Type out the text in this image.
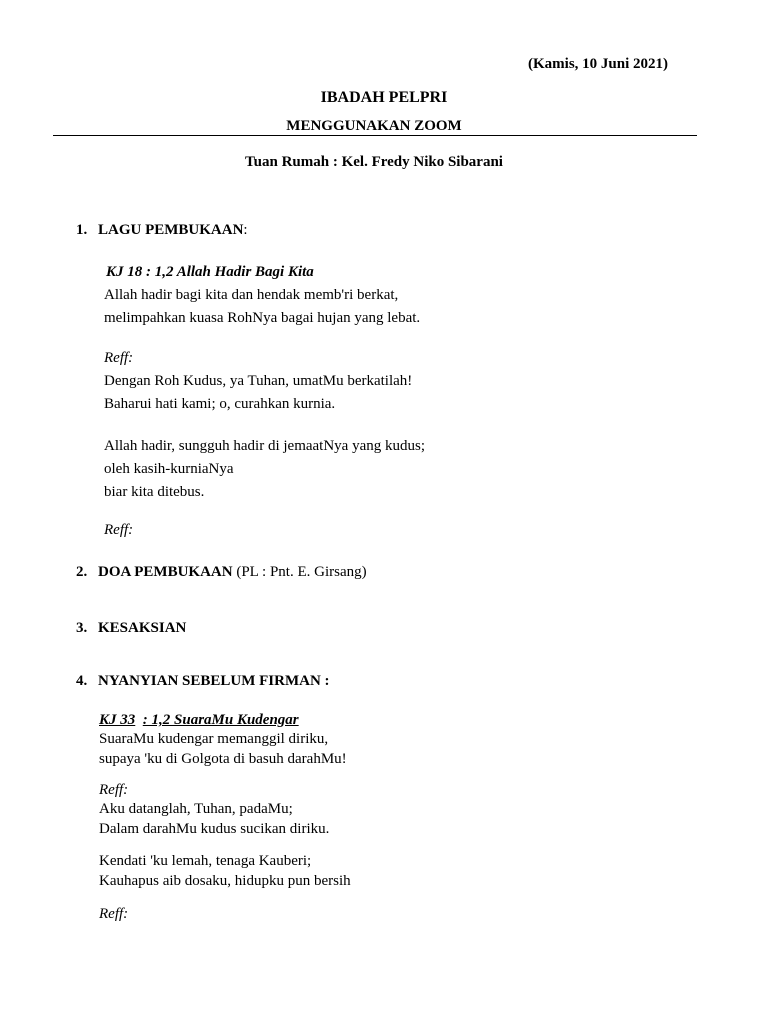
(Kamis, 10 Juni 2021)
IBADAH PELPRI
MENGGUNAKAN ZOOM
Tuan Rumah : Kel. Fredy Niko Sibarani
1. LAGU PEMBUKAAN:
KJ 18 : 1,2 Allah Hadir Bagi Kita
Allah hadir bagi kita dan hendak memb'ri berkat,
melimpahkan kuasa RohNya bagai hujan yang lebat.
Reff:
Dengan Roh Kudus, ya Tuhan, umatMu berkatilah!
Baharui hati kami; o, curahkan kurnia.
Allah hadir, sungguh hadir di jemaatNya yang kudus;
oleh kasih-kurniaNya
biar kita ditebus.
Reff:
2. DOA PEMBUKAAN (PL : Pnt. E. Girsang)
3. KESAKSIAN
4. NYANYIAN SEBELUM FIRMAN :
KJ 33 : 1,2 SuaraMu Kudengar
SuaraMu kudengar memanggil diriku,
supaya 'ku di Golgota di basuh darahMu!
Reff:
Aku datanglah, Tuhan, padaMu;
Dalam darahMu kudus sucikan diriku.
Kendati 'ku lemah, tenaga Kauberi;
Kauhapus aib dosaku, hidupku pun bersih
Reff:
